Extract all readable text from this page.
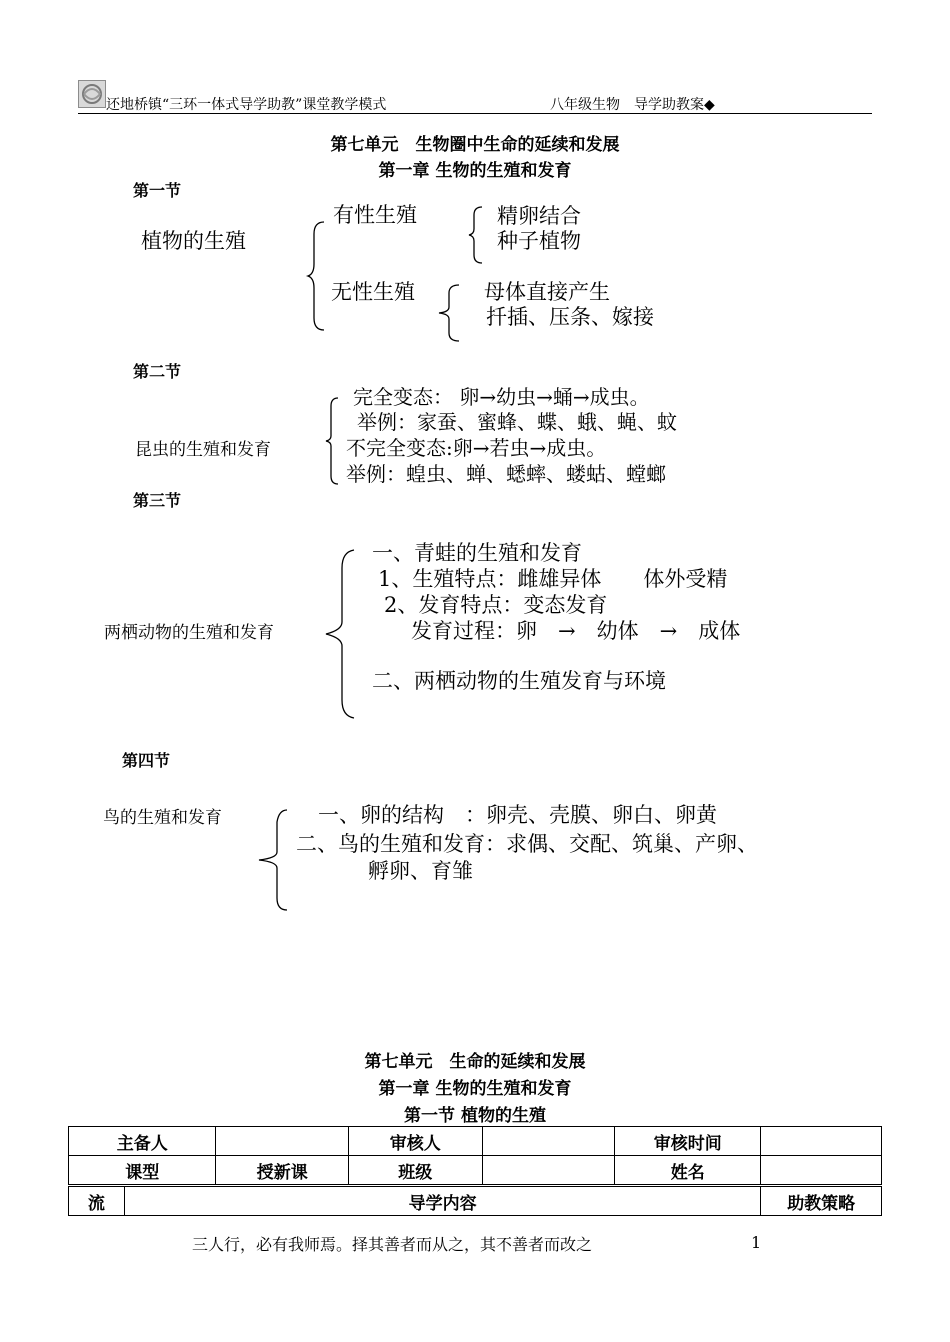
还地桥镇“三环一体式导学助教”课堂教学模式	八年级生物　导学助教案◆
第七单元　生物圈中生命的延续和发展
第一章 生物的生殖和发育
第一节
植物的生殖
有性生殖	精卵结合
种子植物
无性生殖	母体直接产生
扦插、压条、嫁接
第二节
昆虫的生殖和发育
完全变态： 卵→幼虫→蛹→成虫。
举例：家蚕、蜜蜂、蝶、蛾、蝇、蚊
不完全变态:卵→若虫→成虫。
举例：蝗虫、蝉、蟋蟀、蝼蛄、螳螂
第三节
两栖动物的生殖和发育
一、青蛙的生殖和发育
1、生殖特点：雌雄异体　　体外受精
2、发育特点：变态发育
发育过程：卵　→　幼体　→　成体
二、两栖动物的生殖发育与环境
第四节
鸟的生殖和发育	一、卵的结构　：卵壳、壳膜、卵白、卵黄
二、鸟的生殖和发育：求偶、交配、筑巢、产卵、
孵卵、育雏
第七单元　生命的延续和发展
第一章 生物的生殖和发育
第一节 植物的生殖
主备人		审核人		审核时间	
课型	授新课	班级		姓名	
流	导学内容	助教策略
三人行，必有我师焉。择其善者而从之，其不善者而改之	1
